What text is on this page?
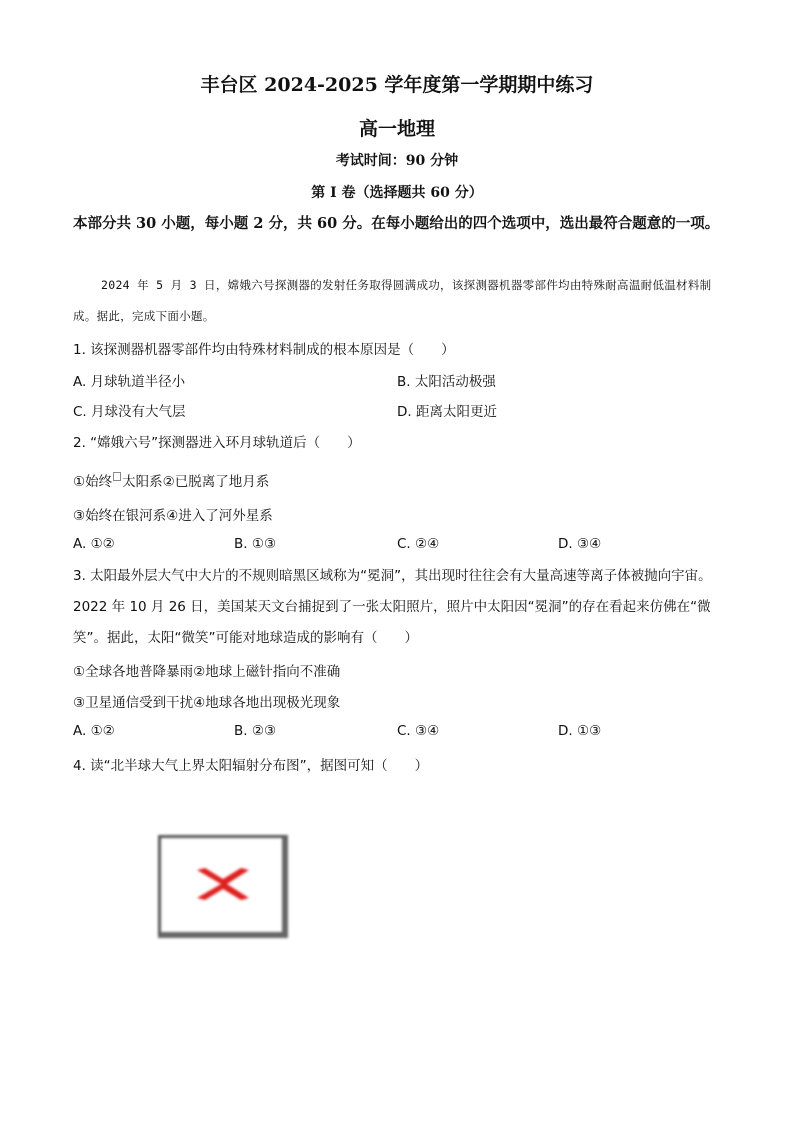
丰台区 2024-2025 学年度第一学期期中练习
高一地理
考试时间：90 分钟
第 I 卷（选择题共 60 分）
本部分共 30 小题，每小题 2 分，共 60 分。在每小题给出的四个选项中，选出最符合题意的一项。
2024 年 5 月 3 日，嫦娥六号探测器的发射任务取得圆满成功，该探测器机器零部件均由特殊耐高温耐低温材料制成。据此，完成下面小题。
1. 该探测器机器零部件均由特殊材料制成的根本原因是（　　）
A. 月球轨道半径小	B. 太阳活动极强
C. 月球没有大气层	D. 距离太阳更近
2. “嫦娥六号”探测器进入环月球轨道后（　　）
①始终 太阳系②已脱离了地月系
③始终在银河系④进入了河外星系
A. ①②	B. ①③	C. ②④	D. ③④
3. 太阳最外层大气中大片的不规则暗黑区域称为“冕洞”，其出现时往往会有大量高速等离子体被抛向宇宙。2022 年 10 月 26 日，美国某天文台捕捉到了一张太阳照片，照片中太阳因“冕洞”的存在看起来仿佛在“微笑”。据此，太阳“微笑”可能对地球造成的影响有（　　）
①全球各地普降暴雨②地球上磁针指向不准确
③卫星通信受到干扰④地球各地出现极光现象
A. ①②	B. ②③	C. ③④	D. ①③
4. 读“北半球大气上界太阳辐射分布图”，据图可知（　　）
